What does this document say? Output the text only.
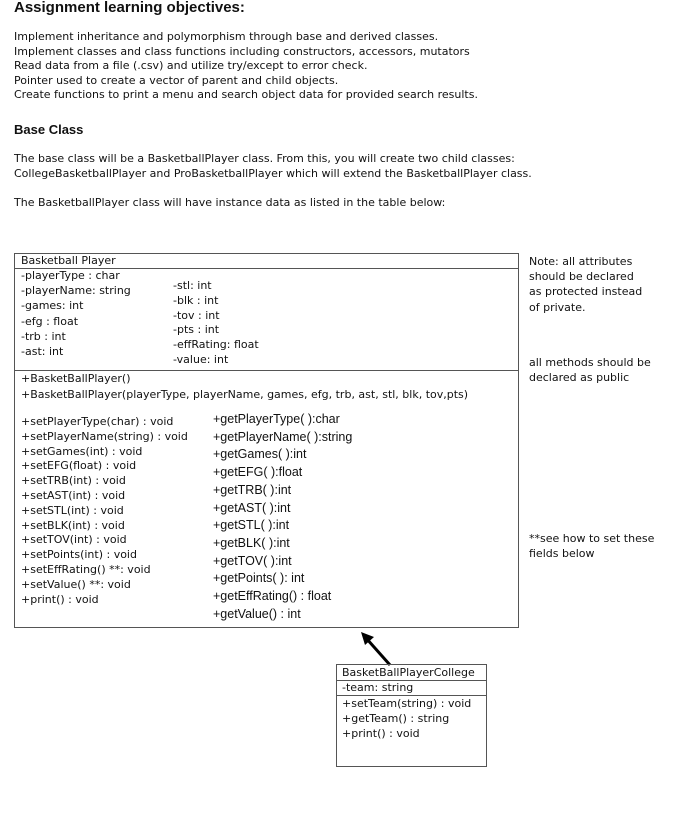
Assignment learning objectives:
Implement inheritance and polymorphism through base and derived classes.
Implement classes and class functions including constructors, accessors, mutators
Read data from a file (.csv) and utilize try/except to error check.
Pointer used to create a vector of parent and child objects.
Create functions to print a menu and search object data for provided search results.
Base Class
The base class will be a BasketballPlayer class. From this, you will create two child classes:
CollegeBasketballPlayer and ProBasketballPlayer which will extend the BasketballPlayer class.
The BasketballPlayer class will have instance data as listed in the table below:
Basketball Player
-playerType : char
-playerName: string
-games: int
-efg : float
-trb : int
-ast: int
-stl: int
-blk : int
-tov : int
-pts : int
-effRating: float
-value: int
+BasketBallPlayer()
+BasketBallPlayer(playerType, playerName, games, efg, trb, ast, stl, blk, tov,pts)
+setPlayerType(char) : void
+setPlayerName(string) : void
+setGames(int) : void
+setEFG(float) : void
+setTRB(int) : void
+setAST(int) : void
+setSTL(int) : void
+setBLK(int) : void
+setTOV(int) : void
+setPoints(int) : void
+setEffRating() **: void
+setValue() **: void
+print() : void
+getPlayerType( ):char
+getPlayerName( ):string
+getGames( ):int
+getEFG( ):float
+getTRB( ):int
+getAST( ):int
+getSTL( ):int
+getBLK( ):int
+getTOV( ):int
+getPoints( ): int
+getEffRating() : float
+getValue() : int
Note: all attributes
should be declared
as protected instead
of private.
all methods should be
declared as public
**see how to set these
fields below
BasketBallPlayerCollege
-team: string
+setTeam(string) : void
+getTeam() : string
+print() : void
